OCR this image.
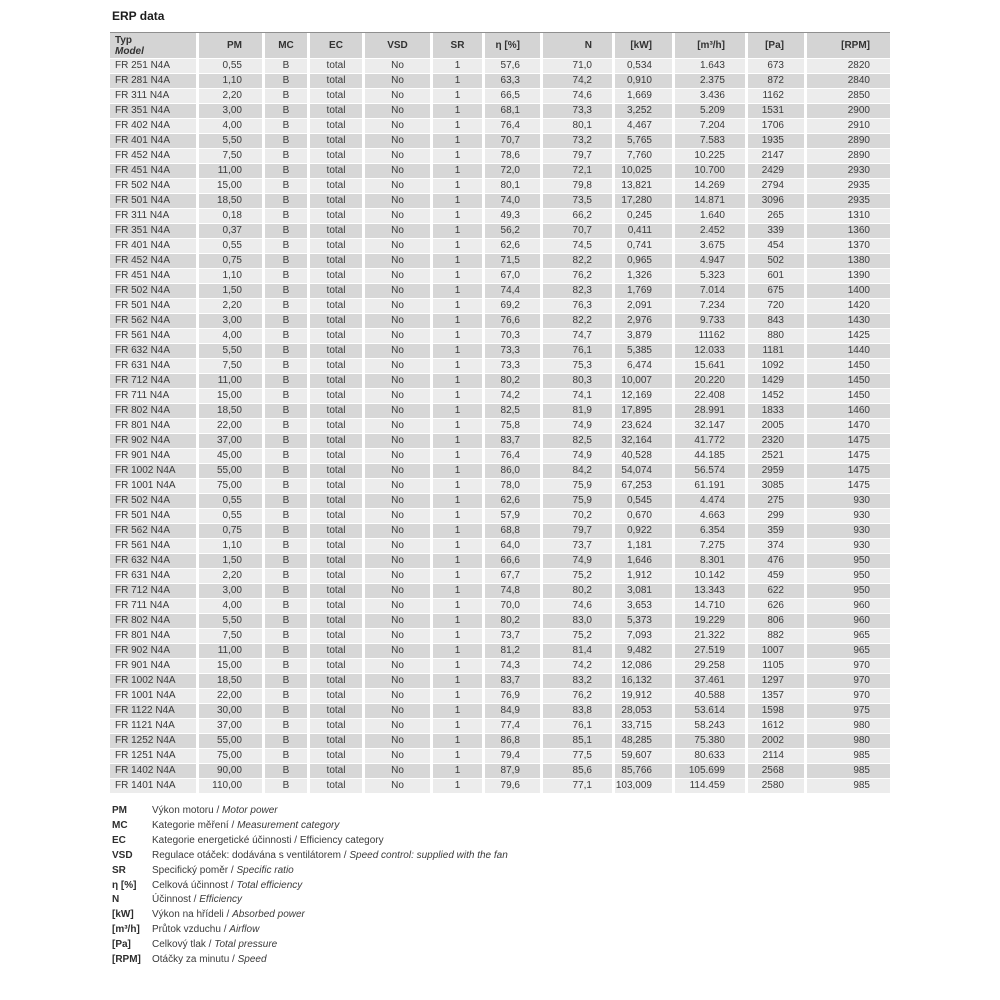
ERP data
Typ
Model	PM	MC	EC	VSD	SR	η [%]	N	[kW]	[m³/h]	[Pa]	[RPM]
FR 251 N4A	0,55	B	total	No	1	57,6	71,0	0,534	1.643	673	2820
FR 281 N4A	1,10	B	total	No	1	63,3	74,2	0,910	2.375	872	2840
FR 311 N4A	2,20	B	total	No	1	66,5	74,6	1,669	3.436	1162	2850
FR 351 N4A	3,00	B	total	No	1	68,1	73,3	3,252	5.209	1531	2900
FR 402 N4A	4,00	B	total	No	1	76,4	80,1	4,467	7.204	1706	2910
FR 401 N4A	5,50	B	total	No	1	70,7	73,2	5,765	7.583	1935	2890
FR 452 N4A	7,50	B	total	No	1	78,6	79,7	7,760	10.225	2147	2890
FR 451 N4A	11,00	B	total	No	1	72,0	72,1	10,025	10.700	2429	2930
FR 502 N4A	15,00	B	total	No	1	80,1	79,8	13,821	14.269	2794	2935
FR 501 N4A	18,50	B	total	No	1	74,0	73,5	17,280	14.871	3096	2935
FR 311 N4A	0,18	B	total	No	1	49,3	66,2	0,245	1.640	265	1310
FR 351 N4A	0,37	B	total	No	1	56,2	70,7	0,411	2.452	339	1360
FR 401 N4A	0,55	B	total	No	1	62,6	74,5	0,741	3.675	454	1370
FR 452 N4A	0,75	B	total	No	1	71,5	82,2	0,965	4.947	502	1380
FR 451 N4A	1,10	B	total	No	1	67,0	76,2	1,326	5.323	601	1390
FR 502 N4A	1,50	B	total	No	1	74,4	82,3	1,769	7.014	675	1400
FR 501 N4A	2,20	B	total	No	1	69,2	76,3	2,091	7.234	720	1420
FR 562 N4A	3,00	B	total	No	1	76,6	82,2	2,976	9.733	843	1430
FR 561 N4A	4,00	B	total	No	1	70,3	74,7	3,879	11162	880	1425
FR 632 N4A	5,50	B	total	No	1	73,3	76,1	5,385	12.033	1181	1440
FR 631 N4A	7,50	B	total	No	1	73,3	75,3	6,474	15.641	1092	1450
FR 712 N4A	11,00	B	total	No	1	80,2	80,3	10,007	20.220	1429	1450
FR 711 N4A	15,00	B	total	No	1	74,2	74,1	12,169	22.408	1452	1450
FR 802 N4A	18,50	B	total	No	1	82,5	81,9	17,895	28.991	1833	1460
FR 801 N4A	22,00	B	total	No	1	75,8	74,9	23,624	32.147	2005	1470
FR 902 N4A	37,00	B	total	No	1	83,7	82,5	32,164	41.772	2320	1475
FR 901 N4A	45,00	B	total	No	1	76,4	74,9	40,528	44.185	2521	1475
FR 1002 N4A	55,00	B	total	No	1	86,0	84,2	54,074	56.574	2959	1475
FR 1001 N4A	75,00	B	total	No	1	78,0	75,9	67,253	61.191	3085	1475
FR 502 N4A	0,55	B	total	No	1	62,6	75,9	0,545	4.474	275	930
FR 501 N4A	0,55	B	total	No	1	57,9	70,2	0,670	4.663	299	930
FR 562 N4A	0,75	B	total	No	1	68,8	79,7	0,922	6.354	359	930
FR 561 N4A	1,10	B	total	No	1	64,0	73,7	1,181	7.275	374	930
FR 632 N4A	1,50	B	total	No	1	66,6	74,9	1,646	8.301	476	950
FR 631 N4A	2,20	B	total	No	1	67,7	75,2	1,912	10.142	459	950
FR 712 N4A	3,00	B	total	No	1	74,8	80,2	3,081	13.343	622	950
FR 711 N4A	4,00	B	total	No	1	70,0	74,6	3,653	14.710	626	960
FR 802 N4A	5,50	B	total	No	1	80,2	83,0	5,373	19.229	806	960
FR 801 N4A	7,50	B	total	No	1	73,7	75,2	7,093	21.322	882	965
FR 902 N4A	11,00	B	total	No	1	81,2	81,4	9,482	27.519	1007	965
FR 901 N4A	15,00	B	total	No	1	74,3	74,2	12,086	29.258	1105	970
FR 1002 N4A	18,50	B	total	No	1	83,7	83,2	16,132	37.461	1297	970
FR 1001 N4A	22,00	B	total	No	1	76,9	76,2	19,912	40.588	1357	970
FR 1122 N4A	30,00	B	total	No	1	84,9	83,8	28,053	53.614	1598	975
FR 1121 N4A	37,00	B	total	No	1	77,4	76,1	33,715	58.243	1612	980
FR 1252 N4A	55,00	B	total	No	1	86,8	85,1	48,285	75.380	2002	980
FR 1251 N4A	75,00	B	total	No	1	79,4	77,5	59,607	80.633	2114	985
FR 1402 N4A	90,00	B	total	No	1	87,9	85,6	85,766	105.699	2568	985
FR 1401 N4A	110,00	B	total	No	1	79,6	77,1	103,009	114.459	2580	985
PM	Výkon motoru / Motor power
MC	Kategorie měření / Measurement category
EC	Kategorie energetické účinnosti / Efficiency category
VSD	Regulace otáček: dodávána s ventilátorem / Speed control: supplied with the fan
SR	Specifický poměr / Specific ratio
η [%]	Celková účinnost / Total efficiency
N	Účinnost / Efficiency
[kW]	Výkon na hřídeli / Absorbed power
[m³/h]	Průtok vzduchu / Airflow
[Pa]	Celkový tlak / Total pressure
[RPM]	Otáčky za minutu / Speed
